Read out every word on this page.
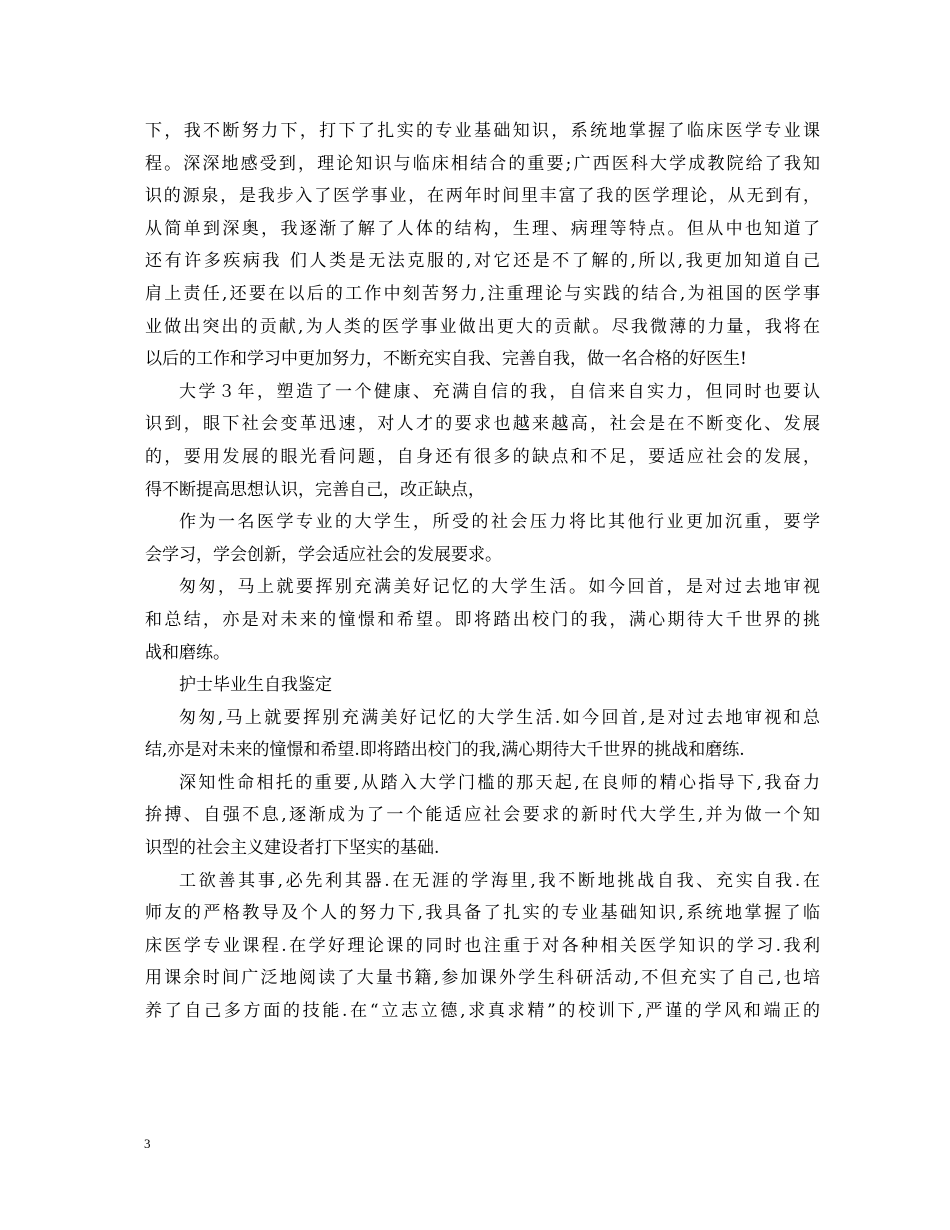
下，我不断努力下，打下了扎实的专业基础知识，系统地掌握了临床医学专业课
程。深深地感受到，理论知识与临床相结合的重要;广西医科大学成教院给了我知
识的源泉，是我步入了医学事业，在两年时间里丰富了我的医学理论，从无到有，
从简单到深奥，我逐渐了解了人体的结构，生理、病理等特点。但从中也知道了
还有许多疾病我 们人类是无法克服的,对它还是不了解的,所以,我更加知道自己
肩上责任,还要在以后的工作中刻苦努力,注重理论与实践的结合,为祖国的医学事
业做出突出的贡献,为人类的医学事业做出更大的贡献。尽我微薄的力量，我将在
以后的工作和学习中更加努力，不断充实自我、完善自我，做一名合格的好医生!
大学３年，塑造了一个健康、充满自信的我，自信来自实力，但同时也要认
识到，眼下社会变革迅速，对人才的要求也越来越高，社会是在不断变化、发展
的，要用发展的眼光看问题，自身还有很多的缺点和不足，要适应社会的发展，
得不断提高思想认识，完善自己，改正缺点，
作为一名医学专业的大学生，所受的社会压力将比其他行业更加沉重，要学
会学习，学会创新，学会适应社会的发展要求。
匆匆，马上就要挥别充满美好记忆的大学生活。如今回首，是对过去地审视
和总结，亦是对未来的憧憬和希望。即将踏出校门的我，满心期待大千世界的挑
战和磨练。
护士毕业生自我鉴定
匆匆,马上就要挥别充满美好记忆的大学生活.如今回首,是对过去地审视和总
结,亦是对未来的憧憬和希望.即将踏出校门的我,满心期待大千世界的挑战和磨练.
深知性命相托的重要,从踏入大学门槛的那天起,在良师的精心指导下,我奋力
拚搏、自强不息,逐渐成为了一个能适应社会要求的新时代大学生,并为做一个知
识型的社会主义建设者打下坚实的基础.
工欲善其事,必先利其器.在无涯的学海里,我不断地挑战自我、充实自我.在
师友的严格教导及个人的努力下,我具备了扎实的专业基础知识,系统地掌握了临
床医学专业课程.在学好理论课的同时也注重于对各种相关医学知识的学习.我利
用课余时间广泛地阅读了大量书籍,参加课外学生科研活动,不但充实了自己,也培
养了自己多方面的技能.在“立志立德,求真求精”的校训下,严谨的学风和端正的
3
